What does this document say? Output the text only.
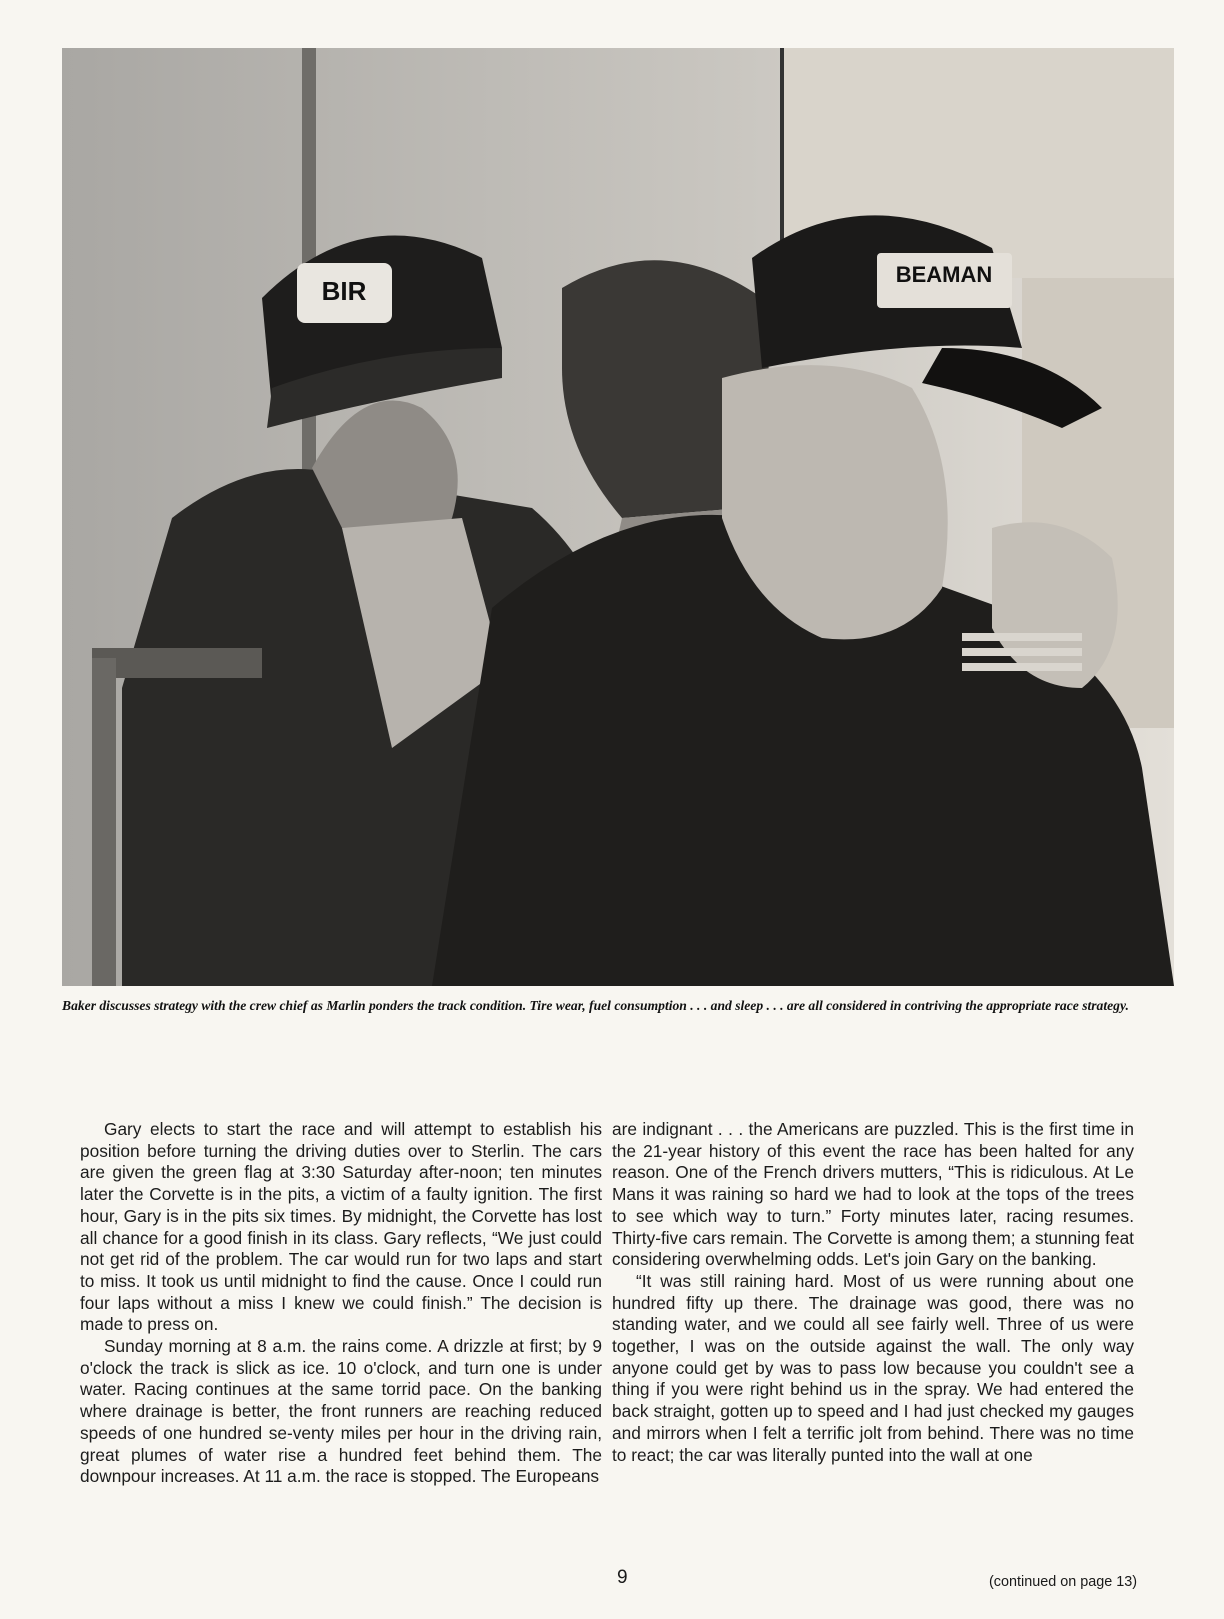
BIR
BEAMAN
Baker discusses strategy with the crew chief as Marlin ponders the track condition. Tire wear, fuel consumption . . . and sleep . . . are all considered in contriving the appropriate race strategy.

Gary elects to start the race and will attempt to establish his position before turning the driving duties over to Sterlin. The cars are given the green flag at 3:30 Saturday after-noon; ten minutes later the Corvette is in the pits, a victim of a faulty ignition. The first hour, Gary is in the pits six times. By midnight, the Corvette has lost all chance for a good finish in its class. Gary reflects, “We just could not get rid of the problem. The car would run for two laps and start to miss. It took us until midnight to find the cause. Once I could run four laps without a miss I knew we could finish.” The decision is made to press on.

Sunday morning at 8 a.m. the rains come. A drizzle at first; by 9 o'clock the track is slick as ice. 10 o'clock, and turn one is under water. Racing continues at the same torrid pace. On the banking where drainage is better, the front runners are reaching reduced speeds of one hundred se-venty miles per hour in the driving rain, great plumes of water rise a hundred feet behind them. The downpour increases. At 11 a.m. the race is stopped. The Europeans

are indignant . . . the Americans are puzzled. This is the first time in the 21-year history of this event the race has been halted for any reason. One of the French drivers mutters, “This is ridiculous. At Le Mans it was raining so hard we had to look at the tops of the trees to see which way to turn.” Forty minutes later, racing resumes. Thirty-five cars remain. The Corvette is among them; a stunning feat considering overwhelming odds. Let's join Gary on the banking.

“It was still raining hard. Most of us were running about one hundred fifty up there. The drainage was good, there was no standing water, and we could all see fairly well. Three of us were together, I was on the outside against the wall. The only way anyone could get by was to pass low because you couldn't see a thing if you were right behind us in the spray. We had entered the back straight, gotten up to speed and I had just checked my gauges and mirrors when I felt a terrific jolt from behind. There was no time to react; the car was literally punted into the wall at one

9	(continued on page 13)
